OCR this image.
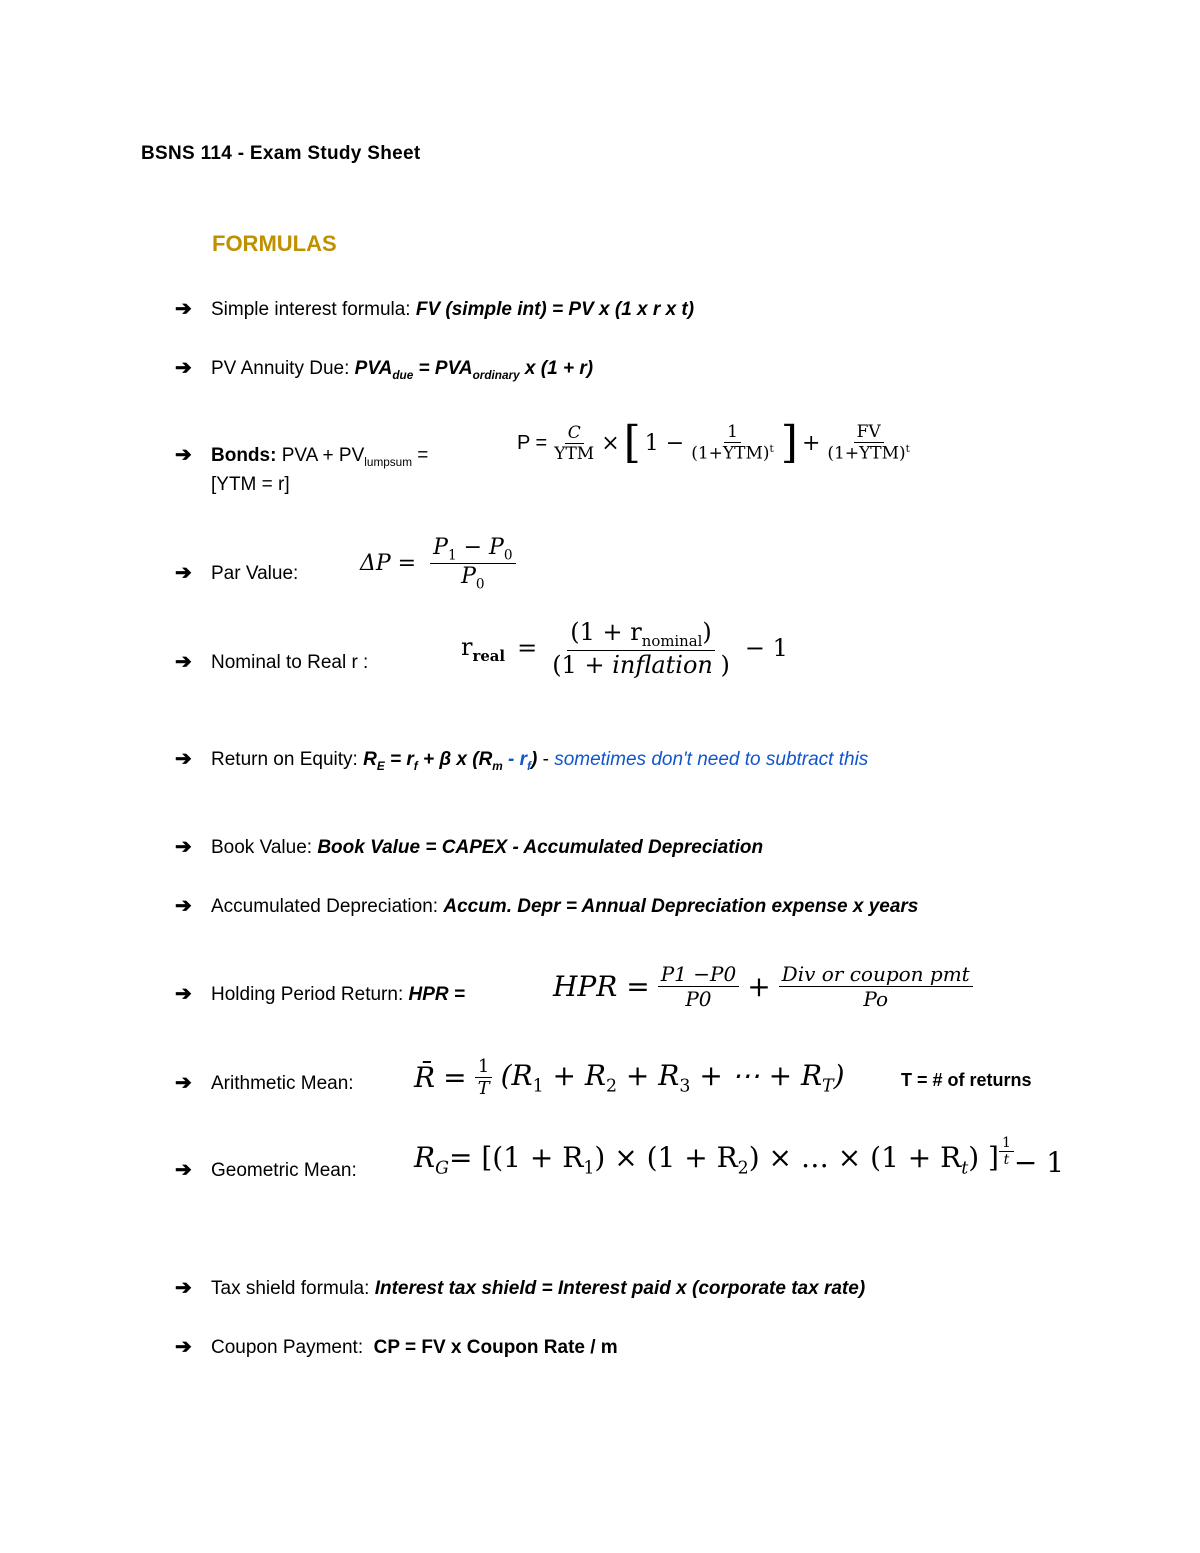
BSNS 114 - Exam Study Sheet
FORMULAS
➔ Simple interest formula: FV (simple int) = PV x (1 x r x t)
➔ PV Annuity Due: $PVA_{due} = PVA_{ordinary}$ x (1 + r)
➔ Bonds: PVA + $PV_{lumpsum}$ =
[YTM = r]
$P = \frac{C}{\text{YTM}}$ × [ $1 - \frac{1}{(1+YTM)^t}$ ] + $\frac{FV}{(1+YTM)^t}$
➔ Par Value:	$\Delta P = \frac{P_1 - P_0}{P_0}$
➔ Nominal to Real r :
$r_{real} = \frac{(1 + r_{nominal})}{\text{(1 + inflation )}} - 1$
➔ Return on Equity: $R_E = r_f + \beta$ x $(R_m - r_f)$ - sometimes don't need to subtract this
➔ Book Value: Book Value = CAPEX - Accumulated Depreciation
➔ Accumulated Depreciation: Accum. Depr = Annual Depreciation expense x years
➔ Holding Period Return: HPR =	HPR = $\frac{P1 -P0}{P0} + \frac{\text{Div or coupon pmt}}{Po}$
➔ Arithmetic Mean: R̄ = $\frac{1}{T} (R_1 + R_2 + R_3$ + ⋯ + $R_T$)	T = # of returns
➔ Geometric Mean: $R_G = [(1 + R_1) \times (1 + R_2)$ × … × $(1 + R_t)$ ] $\frac{1}{t} - 1$
➔ Tax shield formula: Interest tax shield = Interest paid x (corporate tax rate)
➔ Coupon Payment:  CP = FV x Coupon Rate / m
